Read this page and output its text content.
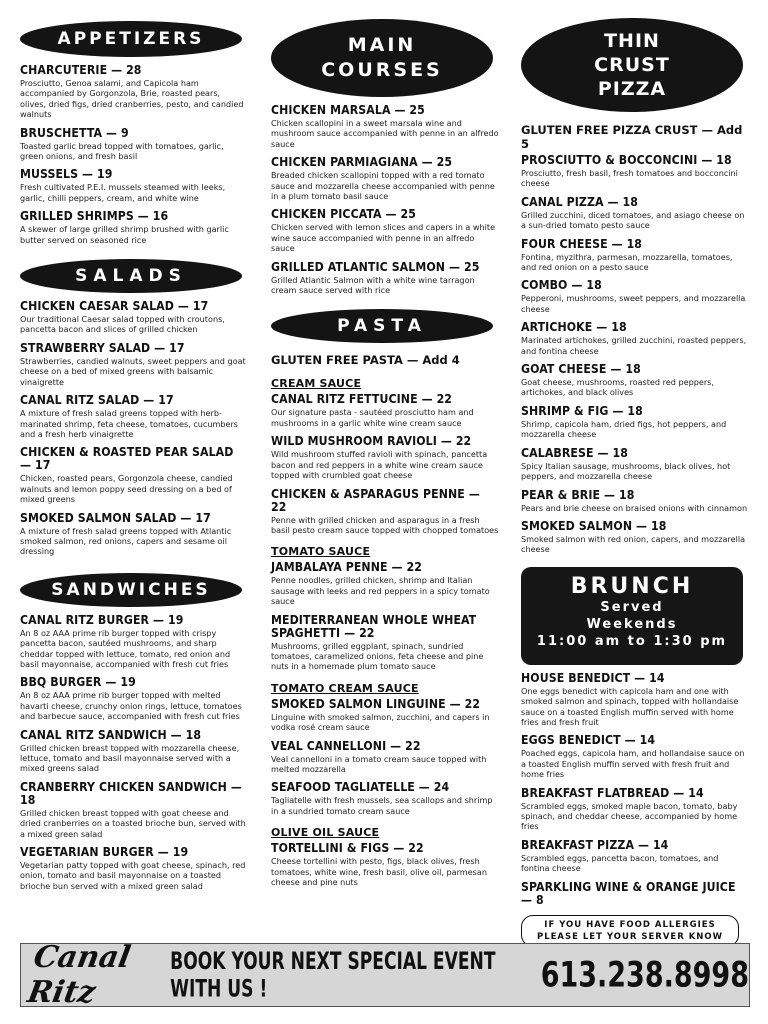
APPETIZERS
CHARCUTERIE — 28
Prosciutto, Genoa salami, and Capicola ham accompanied by Gorgonzola, Brie, roasted pears, olives, dried figs, dried cranberries, pesto, and candied walnuts
BRUSCHETTA — 9
Toasted garlic bread topped with tomatoes, garlic, green onions, and fresh basil
MUSSELS — 19
Fresh cultivated P.E.I. mussels steamed with leeks, garlic, chilli peppers, cream, and white wine
GRILLED SHRIMPS — 16
A skewer of large grilled shrimp brushed with garlic butter served on seasoned rice
SALADS
CHICKEN CAESAR SALAD — 17
Our traditional Caesar salad topped with croutons, pancetta bacon and slices of grilled chicken
STRAWBERRY SALAD — 17
Strawberries, candied walnuts, sweet peppers and goat cheese on a bed of mixed greens with balsamic vinaigrette
CANAL RITZ SALAD — 17
A mixture of fresh salad greens topped with herb-marinated shrimp, feta cheese, tomatoes, cucumbers and a fresh herb vinaigrette
CHICKEN & ROASTED PEAR SALAD — 17
Chicken, roasted pears, Gorgonzola cheese, candied walnuts and lemon poppy seed dressing on a bed of mixed greens
SMOKED SALMON SALAD — 17
A mixture of fresh salad greens topped with Atlantic smoked salmon, red onions, capers and sesame oil dressing
SANDWICHES
CANAL RITZ BURGER — 19
An 8 oz AAA prime rib burger topped with crispy pancetta bacon, sautéed mushrooms, and sharp cheddar topped with lettuce, tomato, red onion and basil mayonnaise, accompanied with fresh cut fries
BBQ BURGER — 19
An 8 oz AAA prime rib burger topped with melted havarti cheese, crunchy onion rings, lettuce, tomatoes and barbecue sauce, accompanied with fresh cut fries
CANAL RITZ SANDWICH — 18
Grilled chicken breast topped with mozzarella cheese, lettuce, tomato and basil mayonnaise served with a mixed greens salad
CRANBERRY CHICKEN SANDWICH — 18
Grilled chicken breast topped with goat cheese and dried cranberries on a toasted brioche bun, served with a mixed green salad
VEGETARIAN BURGER — 19
Vegetarian patty topped with goat cheese, spinach, red onion, tomato and basil mayonnaise on a toasted brioche bun served with a mixed green salad
MAIN
COURSES
CHICKEN MARSALA — 25
Chicken scallopini in a sweet marsala wine and mushroom sauce accompanied with penne in an alfredo sauce
CHICKEN PARMIAGIANA — 25
Breaded chicken scallopini topped with a red tomato sauce and mozzarella cheese accompanied with penne in a plum tomato basil sauce
CHICKEN PICCATA — 25
Chicken served with lemon slices and capers in a white wine sauce accompanied with penne in an alfredo sauce
GRILLED ATLANTIC SALMON — 25
Grilled Atlantic Salmon with a white wine tarragon cream sauce served with rice
PASTA
GLUTEN FREE PASTA — Add 4
CREAM SAUCE
CANAL RITZ FETTUCINE — 22
Our signature pasta - sautéed prosciutto ham and mushrooms in a garlic white wine cream sauce
WILD MUSHROOM RAVIOLI — 22
Wild mushroom stuffed ravioli with spinach, pancetta bacon and red peppers in a white wine cream sauce topped with crumbled goat cheese
CHICKEN & ASPARAGUS PENNE — 22
Penne with grilled chicken and asparagus in a fresh basil pesto cream sauce topped with chopped tomatoes
TOMATO SAUCE
JAMBALAYA PENNE — 22
Penne noodles, grilled chicken, shrimp and Italian sausage with leeks and red peppers in a spicy tomato sauce
MEDITERRANEAN WHOLE WHEAT SPAGHETTI — 22
Mushrooms, grilled eggplant, spinach, sundried tomatoes, caramelized onions, feta cheese and pine nuts in a homemade plum tomato sauce
TOMATO CREAM SAUCE
SMOKED SALMON LINGUINE — 22
Linguine with smoked salmon, zucchini, and capers in vodka rosé cream sauce
VEAL CANNELLONI — 22
Veal cannelloni in a tomato cream sauce topped with melted mozzarella
SEAFOOD TAGLIATELLE — 24
Tagliatelle with fresh mussels, sea scallops and shrimp in a sundried tomato cream sauce
OLIVE OIL SAUCE
TORTELLINI & FIGS — 22
Cheese tortellini with pesto, figs, black olives, fresh tomatoes, white wine, fresh basil, olive oil, parmesan cheese and pine nuts
THIN
CRUST
PIZZA
GLUTEN FREE PIZZA CRUST — Add 5
PROSCIUTTO & BOCCONCINI — 18
Prosciutto, fresh basil, fresh tomatoes and bocconcini cheese
CANAL PIZZA — 18
Grilled zucchini, diced tomatoes, and asiago cheese on a sun-dried tomato pesto sauce
FOUR CHEESE — 18
Fontina, myzithra, parmesan, mozzarella, tomatoes, and red onion on a pesto sauce
COMBO — 18
Pepperoni, mushrooms, sweet peppers, and mozzarella cheese
ARTICHOKE — 18
Marinated artichokes, grilled zucchini, roasted peppers, and fontina cheese
GOAT CHEESE — 18
Goat cheese, mushrooms, roasted red peppers, artichokes, and black olives
SHRIMP & FIG — 18
Shrimp, capicola ham, dried figs, hot peppers, and mozzarella cheese
CALABRESE — 18
Spicy Italian sausage, mushrooms, black olives, hot peppers, and mozzarella cheese
PEAR & BRIE — 18
Pears and brie cheese on braised onions with cinnamon
SMOKED SALMON — 18
Smoked salmon with red onion, capers, and mozzarella cheese
BRUNCH
Served
Weekends
11:00 am to 1:30 pm
HOUSE BENEDICT — 14
One eggs benedict with capicola ham and one with smoked salmon and spinach, topped with hollandaise sauce on a toasted English muffin served with home fries and fresh fruit
EGGS BENEDICT — 14
Poached eggs, capicola ham, and hollandaise sauce on a toasted English muffin served with fresh fruit and home fries
BREAKFAST FLATBREAD — 14
Scrambled eggs, smoked maple bacon, tomato, baby spinach, and cheddar cheese, accompanied by home fries
BREAKFAST PIZZA — 14
Scrambled eggs, pancetta bacon, tomatoes, and fontina cheese
SPARKLING WINE & ORANGE JUICE — 8
IF YOU HAVE FOOD ALLERGIES
PLEASE LET YOUR SERVER KNOW
Canal Ritz
BOOK YOUR NEXT SPECIAL EVENT WITH US !	613.238.8998
